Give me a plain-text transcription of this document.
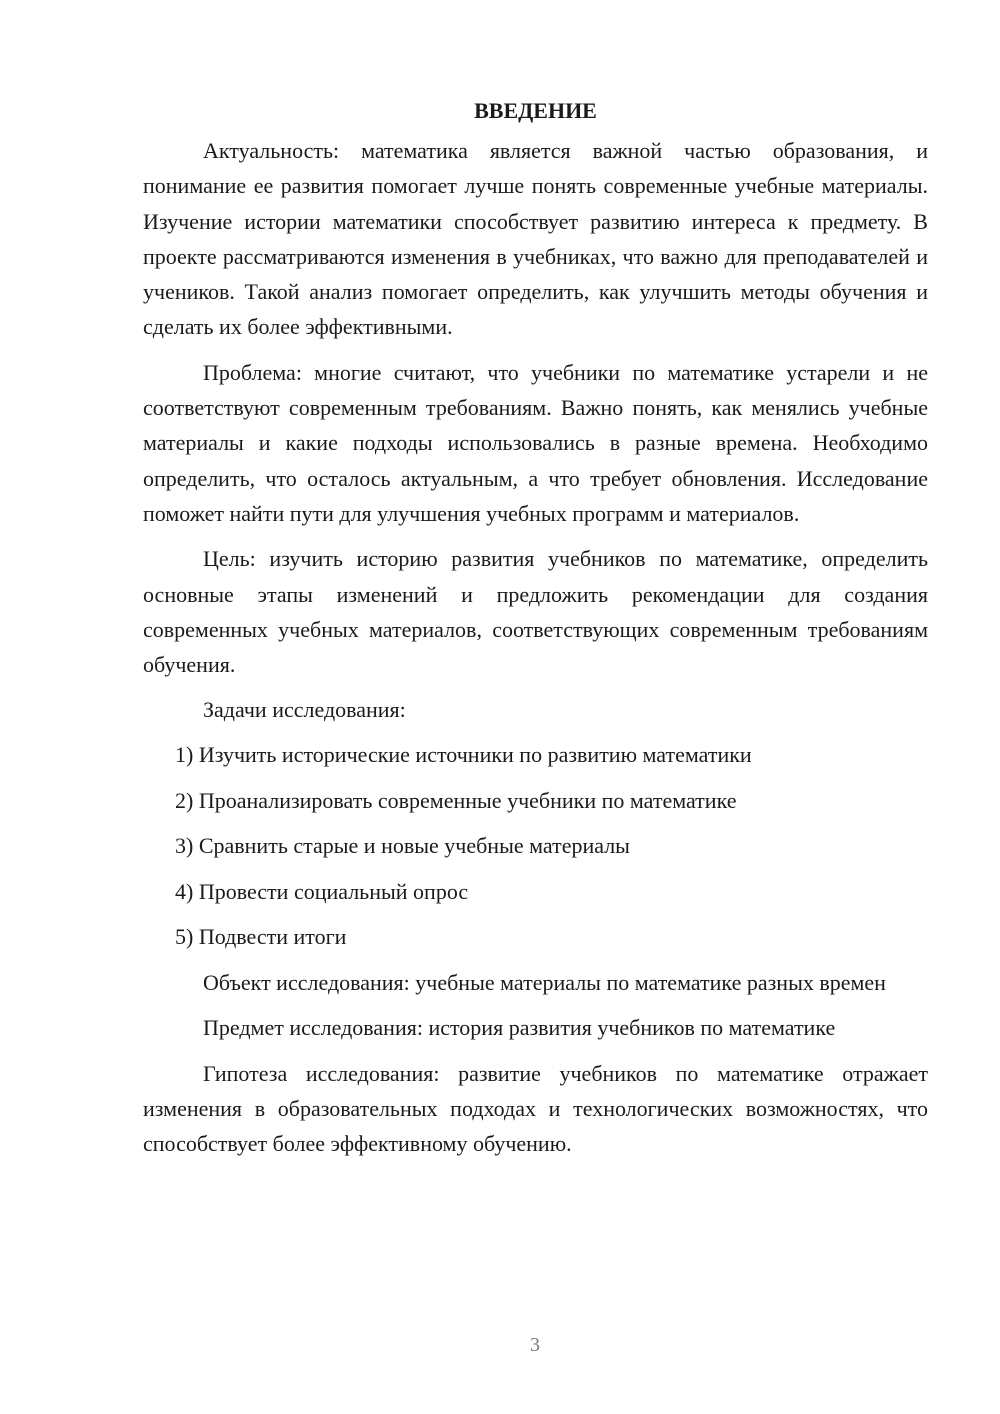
ВВЕДЕНИЕ

Актуальность: математика является важной частью образования, и понимание ее развития помогает лучше понять современные учебные материалы. Изучение истории математики способствует развитию интереса к предмету. В проекте рассматриваются изменения в учебниках, что важно для преподавателей и учеников. Такой анализ помогает определить, как улучшить методы обучения и сделать их более эффективными.

Проблема: многие считают, что учебники по математике устарели и не соответствуют современным требованиям. Важно понять, как менялись учебные материалы и какие подходы использовались в разные времена. Необходимо определить, что осталось актуальным, а что требует обновления. Исследование поможет найти пути для улучшения учебных программ и материалов.

Цель: изучить историю развития учебников по математике, определить основные этапы изменений и предложить рекомендации для создания современных учебных материалов, соответствующих современным требованиям обучения.

Задачи исследования:

1) Изучить исторические источники по развитию математики
2) Проанализировать современные учебники по математике
3) Сравнить старые и новые учебные материалы
4) Провести социальный опрос
5) Подвести итоги

Объект исследования: учебные материалы по математике разных времен

Предмет исследования: история развития учебников по математике

Гипотеза исследования: развитие учебников по математике отражает изменения в образовательных подходах и технологических возможностях, что способствует более эффективному обучению.

3
